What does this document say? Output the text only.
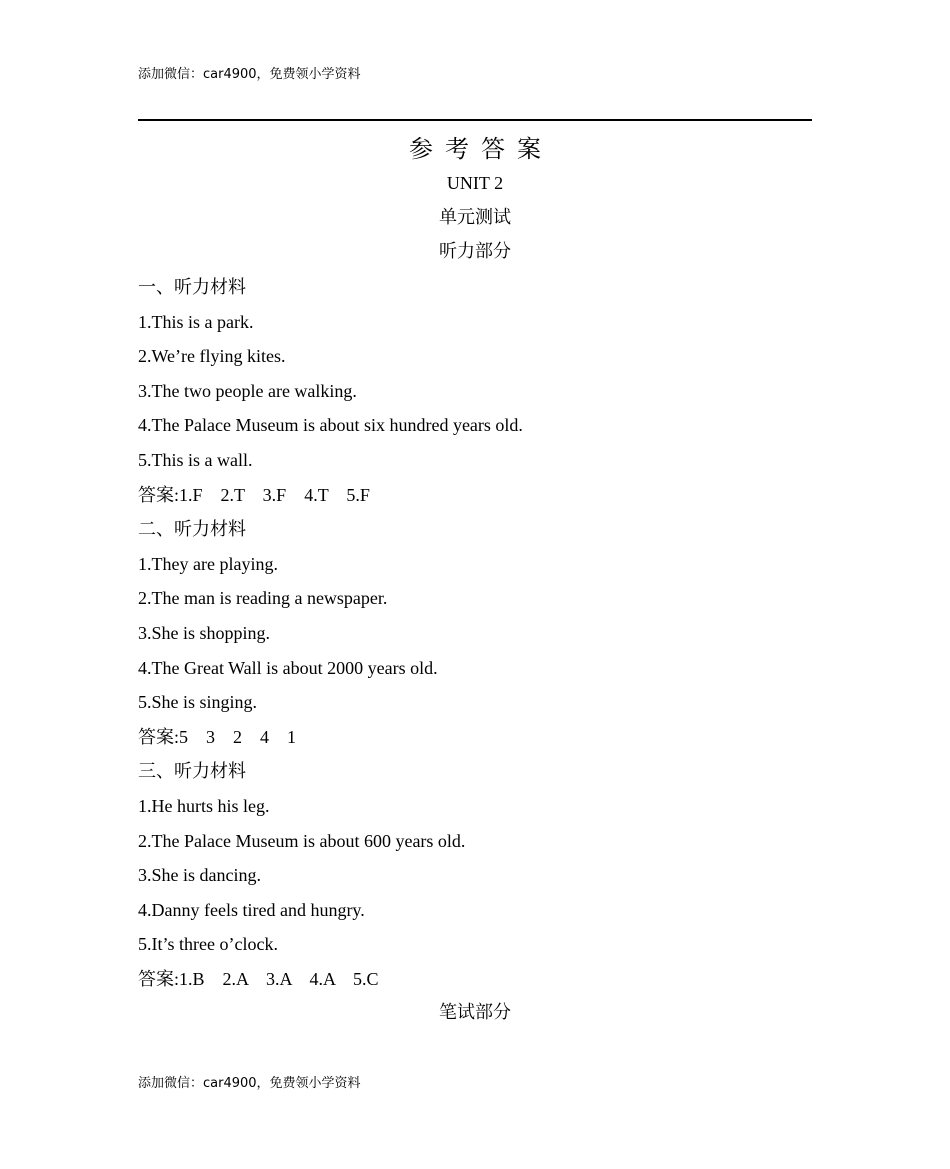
添加微信：car4900，免费领小学资料
参考答案
UNIT 2
单元测试
听力部分
一、听力材料
1.This is a park.
2.We’re flying kites.
3.The two people are walking.
4.The Palace Museum is about six hundred years old.
5.This is a wall.
答案:1.F    2.T    3.F    4.T    5.F
二、听力材料
1.They are playing.
2.The man is reading a newspaper.
3.She is shopping.
4.The Great Wall is about 2000 years old.
5.She is singing.
答案:5    3    2    4    1
三、听力材料
1.He hurts his leg.
2.The Palace Museum is about 600 years old.
3.She is dancing.
4.Danny feels tired and hungry.
5.It’s three o’clock.
答案:1.B    2.A    3.A    4.A    5.C
笔试部分
添加微信：car4900，免费领小学资料
